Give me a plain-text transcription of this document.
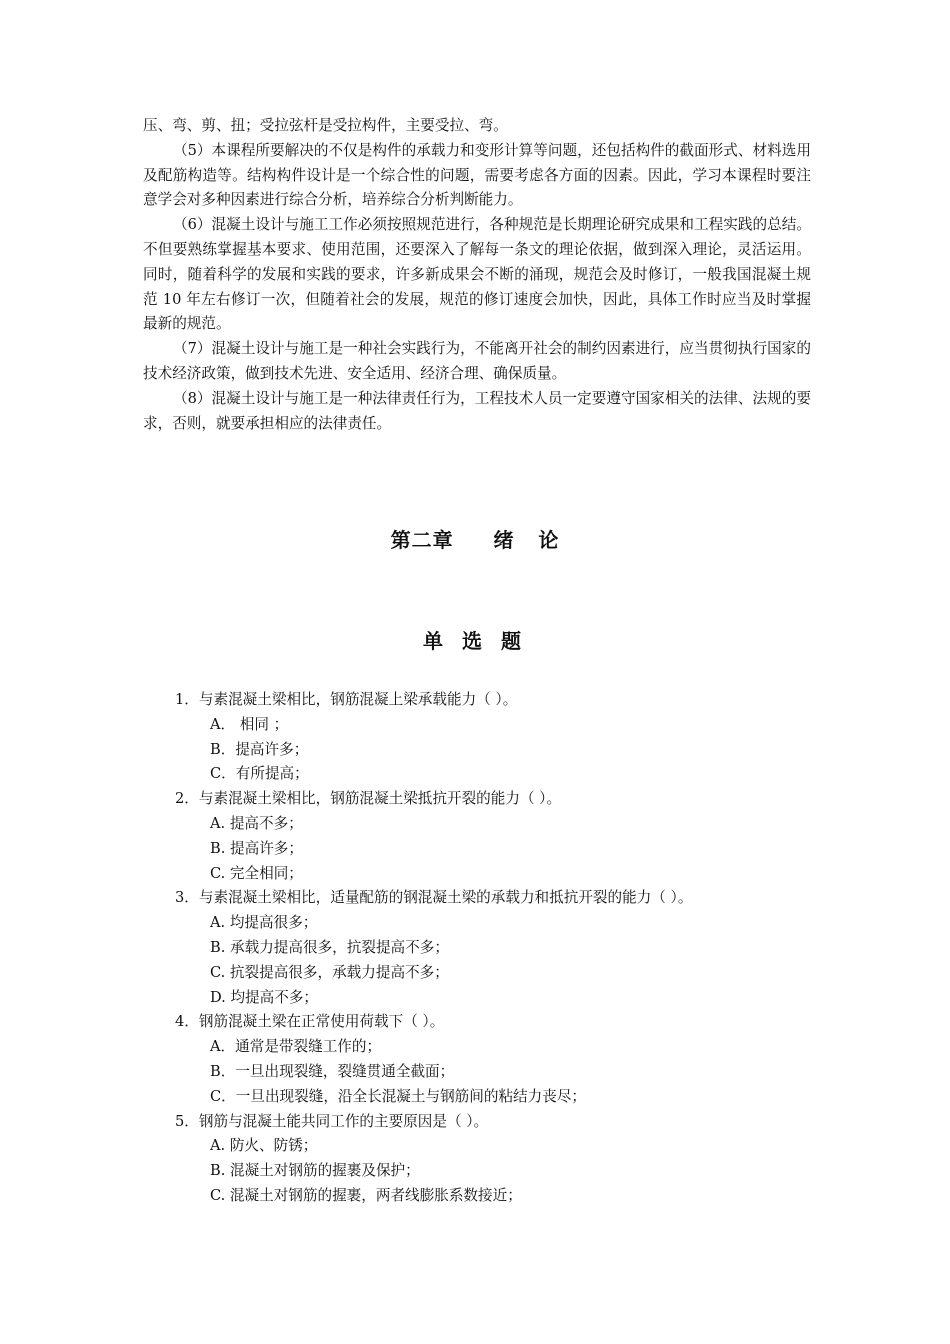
压、弯、剪、扭；受拉弦杆是受拉构件，主要受拉、弯。

（5）本课程所要解决的不仅是构件的承载力和变形计算等问题，还包括构件的截面形式、材料选用及配筋构造等。结构构件设计是一个综合性的问题，需要考虑各方面的因素。因此，学习本课程时要注意学会对多种因素进行综合分析，培养综合分析判断能力。

（6）混凝土设计与施工工作必须按照规范进行，各种规范是长期理论研究成果和工程实践的总结。不但要熟练掌握基本要求、使用范围，还要深入了解每一条文的理论依据，做到深入理论，灵活运用。同时，随着科学的发展和实践的要求，许多新成果会不断的涌现，规范会及时修订，一般我国混凝土规范 10 年左右修订一次，但随着社会的发展，规范的修订速度会加快，因此，具体工作时应当及时掌握最新的规范。

（7）混凝土设计与施工是一种社会实践行为，不能离开社会的制约因素进行，应当贯彻执行国家的技术经济政策，做到技术先进、安全适用、经济合理、确保质量。

（8）混凝土设计与施工是一种法律责任行为，工程技术人员一定要遵守国家相关的法律、法规的要求，否则，就要承担相应的法律责任。

第二章     绪   论
单 选 题
1．与素混凝土梁相比，钢筋混凝上梁承载能力（ ）。
A． 相同 ；
B．提高许多；
C．有所提高；
2．与素混凝土梁相比，钢筋混凝土梁抵抗开裂的能力（ ）。
A. 提高不多；
B. 提高许多；
C. 完全相同；
3．与素混凝土梁相比，适量配筋的钢混凝土梁的承载力和抵抗开裂的能力（ ）。
A. 均提高很多；
B. 承载力提高很多，抗裂提高不多；
C. 抗裂提高很多，承载力提高不多；
D. 均提高不多；
4．钢筋混凝土梁在正常使用荷载下（ ）。
A．通常是带裂缝工作的；
B．一旦出现裂缝，裂缝贯通全截面；
C．一旦出现裂缝，沿全长混凝土与钢筋间的粘结力丧尽；
5．钢筋与混凝土能共同工作的主要原因是（ ）。
A. 防火、防锈；
B. 混凝土对钢筋的握裹及保护；
C. 混凝土对钢筋的握裹，两者线膨胀系数接近；
